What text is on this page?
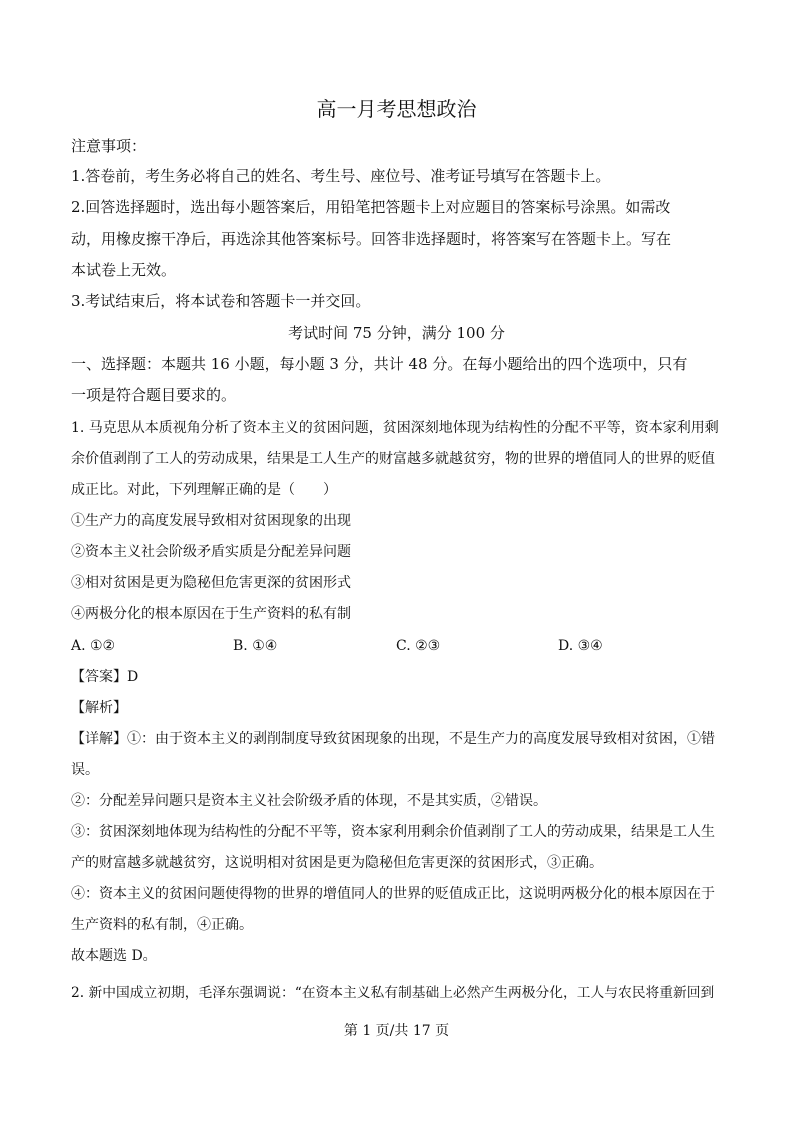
高一月考思想政治
注意事项：
1.答卷前，考生务必将自己的姓名、考生号、座位号、准考证号填写在答题卡上。
2.回答选择题时，选出每小题答案后，用铅笔把答题卡上对应题目的答案标号涂黑。如需改
动，用橡皮擦干净后，再选涂其他答案标号。回答非选择题时，将答案写在答题卡上。写在
本试卷上无效。
3.考试结束后，将本试卷和答题卡一并交回。
考试时间 75 分钟，满分 100 分
一、选择题：本题共 16 小题，每小题 3 分，共计 48 分。在每小题给出的四个选项中，只有
一项是符合题目要求的。
1. 马克思从本质视角分析了资本主义的贫困问题，贫困深刻地体现为结构性的分配不平等，资本家利用剩
余价值剥削了工人的劳动成果，结果是工人生产的财富越多就越贫穷，物的世界的增值同人的世界的贬值
成正比。对此，下列理解正确的是（　　）
①生产力的高度发展导致相对贫困现象的出现
②资本主义社会阶级矛盾实质是分配差异问题
③相对贫困是更为隐秘但危害更深的贫困形式
④两极分化的根本原因在于生产资料的私有制
A. ①②	B. ①④	C. ②③	D. ③④
【答案】D
【解析】
【详解】①：由于资本主义的剥削制度导致贫困现象的出现，不是生产力的高度发展导致相对贫困，①错
误。
②：分配差异问题只是资本主义社会阶级矛盾的体现，不是其实质，②错误。
③：贫困深刻地体现为结构性的分配不平等，资本家利用剩余价值剥削了工人的劳动成果，结果是工人生
产的财富越多就越贫穷，这说明相对贫困是更为隐秘但危害更深的贫困形式，③正确。
④：资本主义的贫困问题使得物的世界的增值同人的世界的贬值成正比，这说明两极分化的根本原因在于
生产资料的私有制，④正确。
故本题选 D。
2. 新中国成立初期，毛泽东强调说：“在资本主义私有制基础上必然产生两极分化，工人与农民将重新回到
第 1 页/共 17 页
